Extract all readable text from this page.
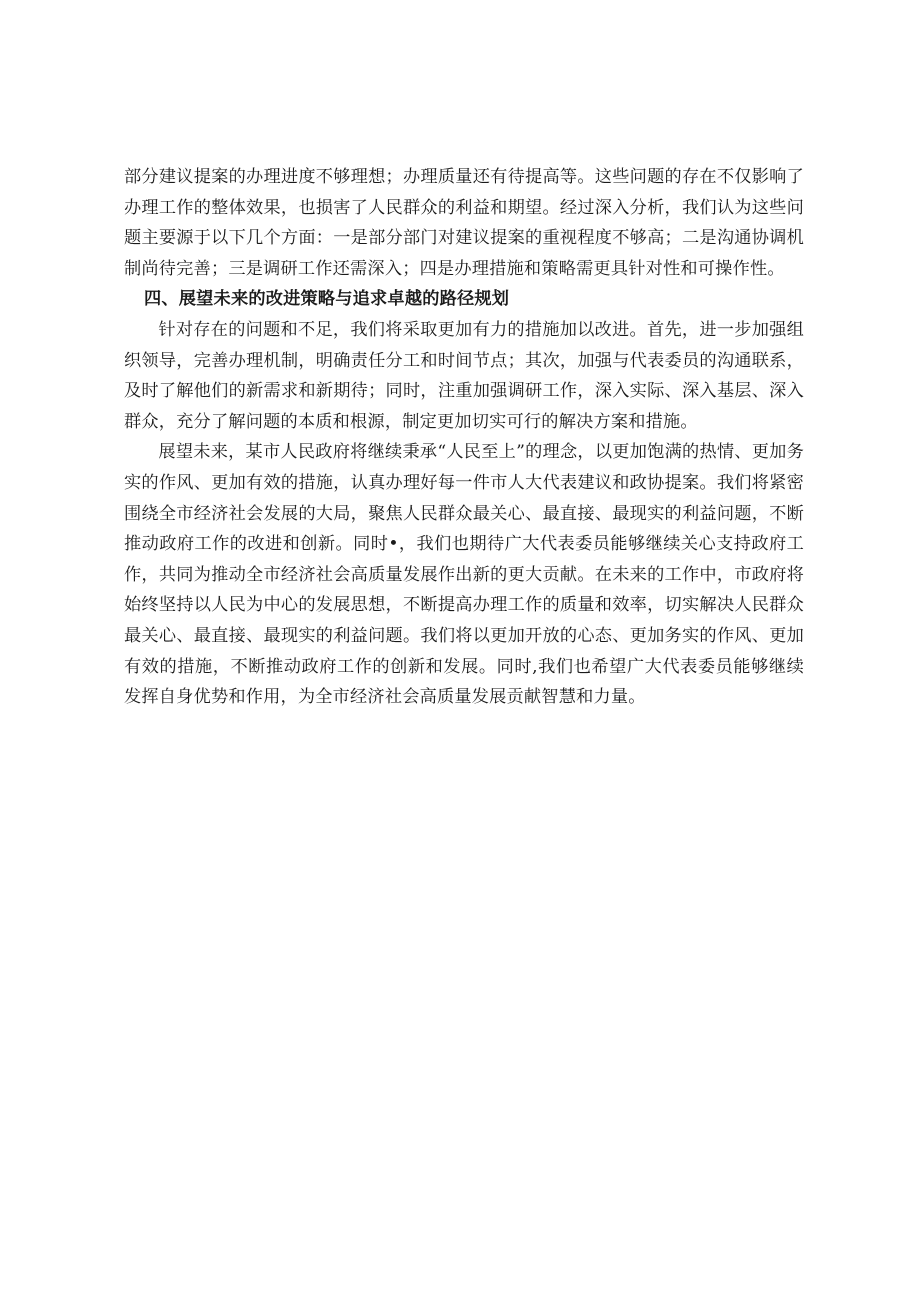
部分建议提案的办理进度不够理想；办理质量还有待提高等。这些问题的存在不仅影响了办理工作的整体效果，也损害了人民群众的利益和期望。经过深入分析，我们认为这些问题主要源于以下几个方面：一是部分部门对建议提案的重视程度不够高；二是沟通协调机制尚待完善；三是调研工作还需深入；四是办理措施和策略需更具针对性和可操作性。

四、展望未来的改进策略与追求卓越的路径规划

针对存在的问题和不足，我们将采取更加有力的措施加以改进。首先，进一步加强组织领导，完善办理机制，明确责任分工和时间节点；其次，加强与代表委员的沟通联系，及时了解他们的新需求和新期待；同时，注重加强调研工作，深入实际、深入基层、深入群众，充分了解问题的本质和根源，制定更加切实可行的解决方案和措施。

展望未来，某市人民政府将继续秉承“人民至上”的理念，以更加饱满的热情、更加务实的作风、更加有效的措施，认真办理好每一件市人大代表建议和政协提案。我们将紧密围绕全市经济社会发展的大局，聚焦人民群众最关心、最直接、最现实的利益问题，不断推动政府工作的改进和创新。同时•，我们也期待广大代表委员能够继续关心支持政府工作，共同为推动全市经济社会高质量发展作出新的更大贡献。在未来的工作中，市政府将始终坚持以人民为中心的发展思想，不断提高办理工作的质量和效率，切实解决人民群众最关心、最直接、最现实的利益问题。我们将以更加开放的心态、更加务实的作风、更加有效的措施，不断推动政府工作的创新和发展。同时,我们也希望广大代表委员能够继续发挥自身优势和作用，为全市经济社会高质量发展贡献智慧和力量。
